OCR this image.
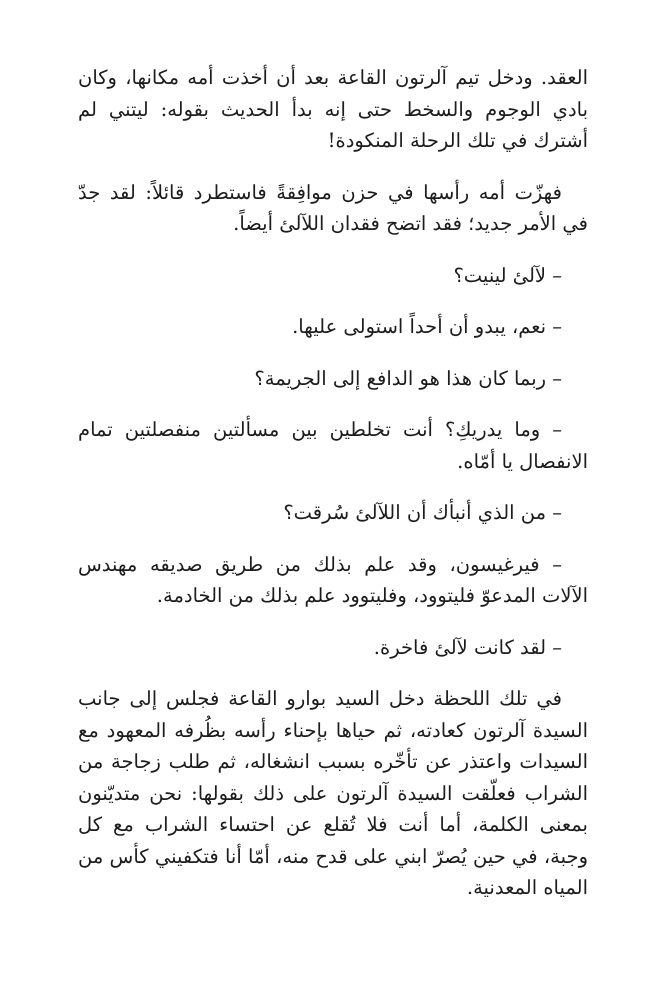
العقد. ودخل تيم آلرتون القاعة بعد أن أخذت أمه مكانها، وكان بادي الوجوم والسخط حتى إنه بدأ الحديث بقوله: ليتني لم أشترك في تلك الرحلة المنكودة!

فهزّت أمه رأسها في حزن موافِقةً فاستطرد قائلاً: لقد جدّ في الأمر جديد؛ فقد اتضح فقدان اللآلئ أيضاً.

– لآلئ لينيت؟

– نعم، يبدو أن أحداً استولى عليها.

– ربما كان هذا هو الدافع إلى الجريمة؟

– وما يدريكِ؟ أنت تخلطين بين مسألتين منفصلتين تمام الانفصال يا أمّاه.

– من الذي أنبأك أن اللآلئ سُرقت؟

– فيرغيسون، وقد علم بذلك من طريق صديقه مهندس الآلات المدعوّ فليتوود، وفليتوود علم بذلك من الخادمة.

– لقد كانت لآلئ فاخرة.

في تلك اللحظة دخل السيد بوارو القاعة فجلس إلى جانب السيدة آلرتون كعادته، ثم حياها بإحناء رأسه بظُرفه المعهود مع السيدات واعتذر عن تأخّره بسبب انشغاله، ثم طلب زجاجة من الشراب فعلّقت السيدة آلرتون على ذلك بقولها: نحن متديّنون بمعنى الكلمة، أما أنت فلا تُقلع عن احتساء الشراب مع كل وجبة، في حين يُصرّ ابني على قدح منه، أمّا أنا فتكفيني كأس من المياه المعدنية.
